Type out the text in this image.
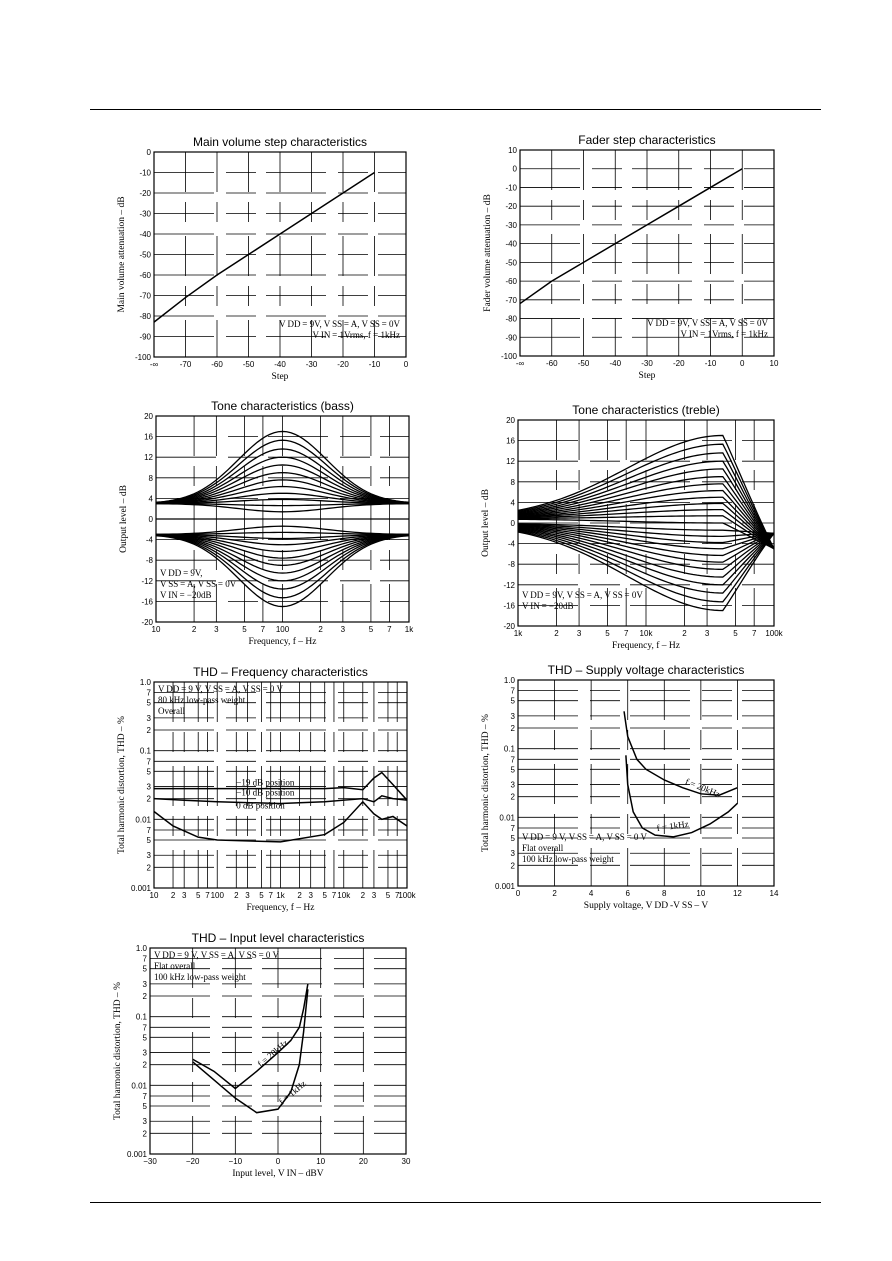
-∞	-70 -60 -50 -40 -30 -20 -10	0
0
-10
-20
-30
-40
-50
-60
-70
-80
-90
-100
Main volume step characteristics
Step
Main volume attenuation – dB
V DD = 9V, V SS = A, V SS = 0V
V IN = 1Vrms, f = 1kHz
-∞	-60	-50	-40	-30	-20	-10	0	10
10
0
-10
-20
-30
-40
-50
-60
-70
-80
-90
-100
Fader step characteristics
Step
Fader volume attenuation – dB
V DD = 9V, V SS = A, V SS = 0V
V IN = 1Vrms, f = 1kHz
10	2 3	5 7 100	2 3	5 7 1k
20
16
12
8
4
0
-4
-8
-12
-16
-20
Tone characteristics (bass)
Frequency, f – Hz
Output level – dB
V DD = 9V,
V SS = A, V SS = 0V
V IN = −20dB
1k	2 3	5 7 10k	2 3	5 7 100k
20
16
12
8
4
0
-4
-8
-12
-16
-20
Tone characteristics (treble)
Frequency, f – Hz
Output level – dB
V DD = 9V, V SS = A, V SS = 0V
V IN = −20dB
10 2 3 5 7 100 2 3 5 7 1k 2 3 5 7 10k 2 3 5 7
100k
1.0
7
5
3
2
0.1
7
5
3
2
0.01
7
5
3
2
0.001
THD – Frequency characteristics
Frequency, f – Hz
Total harmonic distortion, THD – %	−19 dB position
−10 dB position
0 dB position
V DD = 9 V, V SS = A, V SS = 0 V
80 kHz low-pass weight
Overall
0	2	4	6	8	10	12	14
1.0
7
5
3
2
0.1
7
5
3
2
0.01
7
5
3
2
0.001
THD – Supply voltage characteristics
Supply voltage, V DD -V SS – V
Total harmonic distortion, THD – %	f = 20kHz
f = 1kHz
V DD = 9 V, V SS = A, V SS = 0 V
Flat overall
100 kHz low-pass weight
−30	−20	−10	0	10	20	30
1.0
7
5
3
2
0.1
7
5
3
2
0.01
7
5
3
2
0.001
THD – Input level characteristics
Input level, V IN – dBV
Total harmonic distortion, THD – %	f = 20kHz
f = 1kHz
V DD = 9 V, V SS = A, V SS = 0 V
Flat overall
100 kHz low-pass weight
